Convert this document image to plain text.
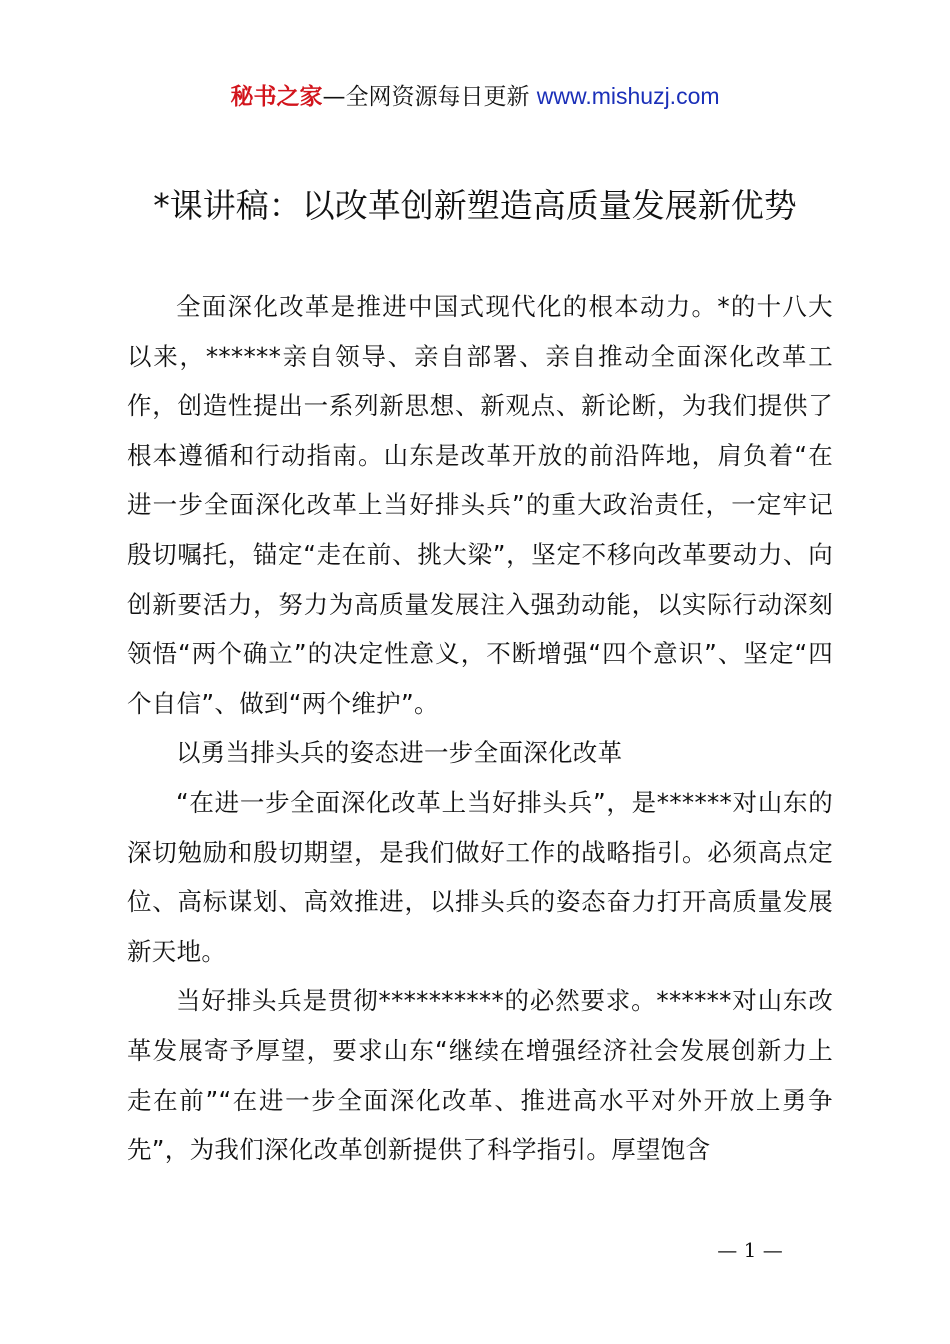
秘书之家—全网资源每日更新 www.mishuzj.com
*课讲稿：以改革创新塑造高质量发展新优势

全面深化改革是推进中国式现代化的根本动力。*的十八大以来，******亲自领导、亲自部署、亲自推动全面深化改革工作，创造性提出一系列新思想、新观点、新论断，为我们提供了根本遵循和行动指南。山东是改革开放的前沿阵地，肩负着“在进一步全面深化改革上当好排头兵”的重大政治责任，一定牢记殷切嘱托，锚定“走在前、挑大梁”，坚定不移向改革要动力、向创新要活力，努力为高质量发展注入强劲动能，以实际行动深刻领悟“两个确立”的决定性意义，不断增强“四个意识”、坚定“四个自信”、做到“两个维护”。

以勇当排头兵的姿态进一步全面深化改革

“在进一步全面深化改革上当好排头兵”，是******对山东的深切勉励和殷切期望，是我们做好工作的战略指引。必须高点定位、高标谋划、高效推进，以排头兵的姿态奋力打开高质量发展新天地。

当好排头兵是贯彻**********的必然要求。******对山东改革发展寄予厚望，要求山东“继续在增强经济社会发展创新力上走在前”“在进一步全面深化改革、推进高水平对外开放上勇争先”，为我们深化改革创新提供了科学指引。厚望饱含

— 1 —
